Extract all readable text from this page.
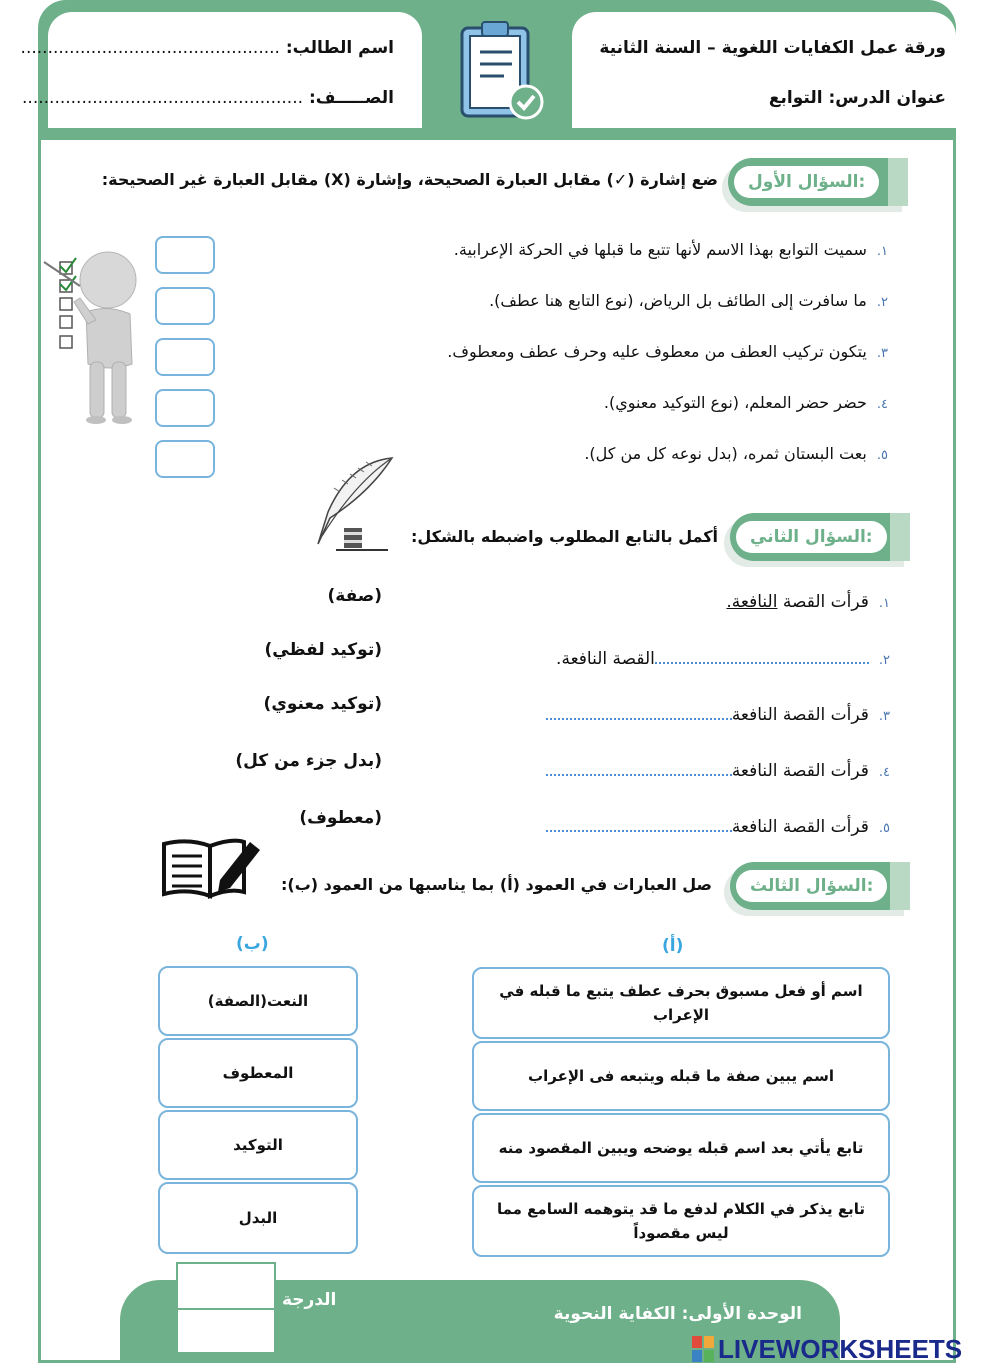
ورقة عمل الكفايات اللغوية – السنة الثانية
عنوان الدرس: التوابع
اسم الطالب: ................................................
الصـــــف: ....................................................
السؤال الأول:
ضع إشارة (✓) مقابل العبارة الصحيحة، وإشارة (X) مقابل العبارة غير الصحيحة:
١.سميت التوابع بهذا الاسم لأنها تتبع ما قبلها في الحركة الإعرابية.
٢.ما سافرت إلى الطائف بل الرياض، (نوع التابع هنا عطف).
٣.يتكون تركيب العطف من معطوف عليه وحرف عطف ومعطوف.
٤.حضر حضر المعلم، (نوع التوكيد معنوي).
٥.بعت البستان ثمره، (بدل نوعه كل من كل).
السؤال الثاني:
أكمل بالتابع المطلوب واضبطه بالشكل:
١.قرأت القصة النافعة.
٢.القصة النافعة.
٣.قرأت القصة النافعة
٤.قرأت القصة النافعة
٥.قرأت القصة النافعة
(صفة)
(توكيد لفظي)
(توكيد معنوي)
(بدل جزء من كل)
(معطوف)
السؤال الثالث:
صل العبارات في العمود (أ) بما يناسبها من العمود (ب):
(ب)	(أ)
اسم أو فعل مسبوق بحرف عطف يتبع ما قبله في الإعراب
اسم يبين صفة ما قبله ويتبعه فى الإعراب
تابع يأتي بعد اسم قبله يوضحه ويبين المقصود منه
تابع يذكر في الكلام لدفع ما قد يتوهمه السامع مما ليس مقصوداً
النعت(الصفة)
المعطوف
التوكيد
البدل
الوحدة الأولى: الكفاية النحوية
الدرجة
LIVEWORKSHEETS
